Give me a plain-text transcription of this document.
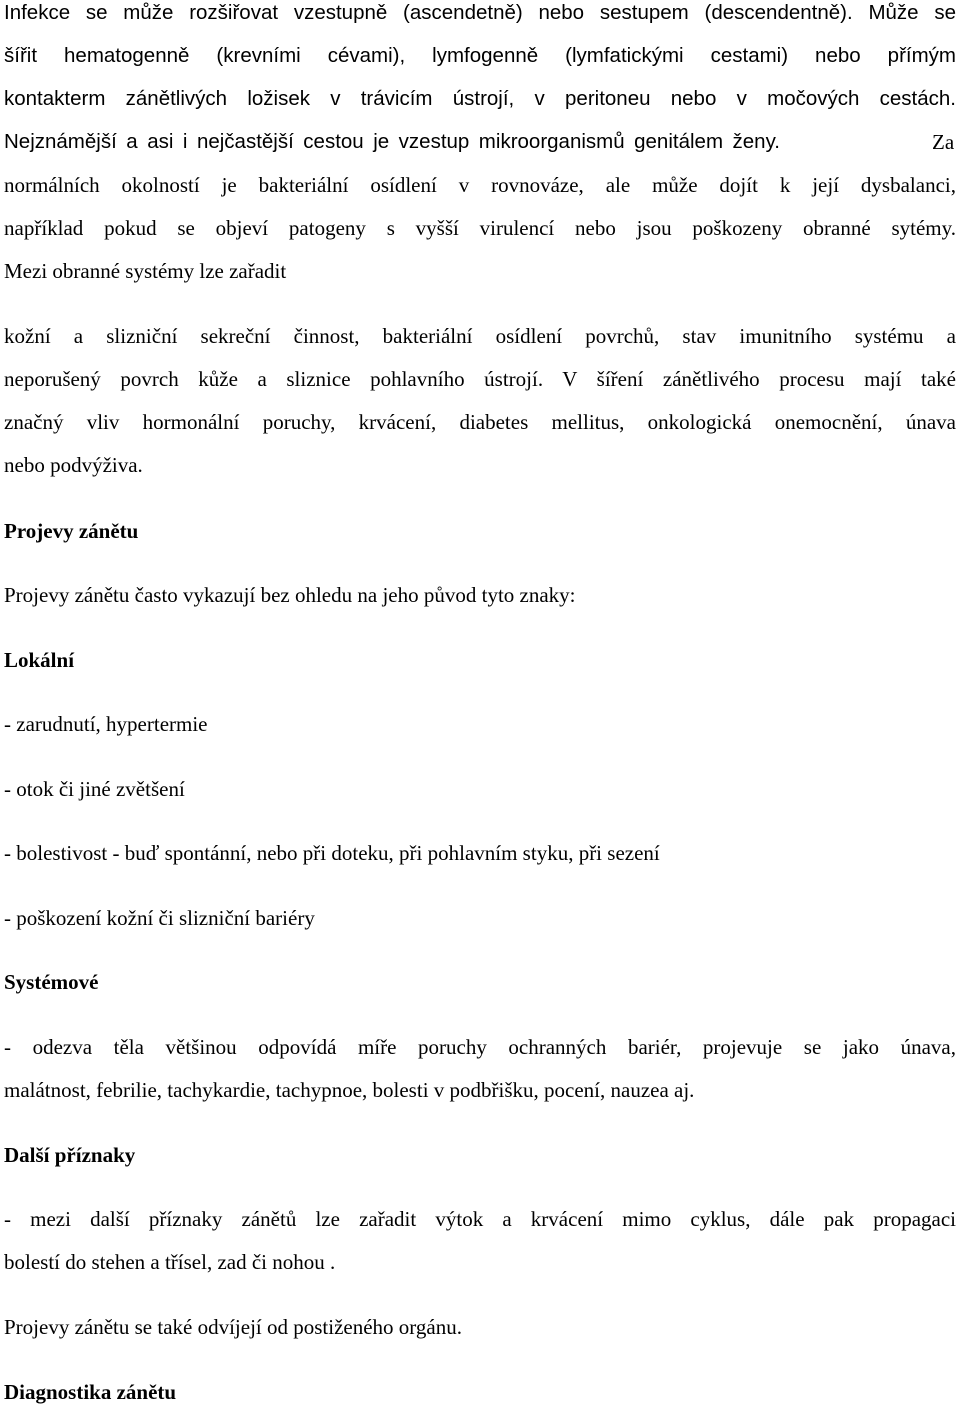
Infekce se může rozšiřovat vzestupně (ascendetně) nebo sestupem (descendentně). Může se
šířit hematogenně (krevními cévami), lymfogenně (lymfatickými cestami) nebo přímým
kontakterm zánětlivých ložisek v trávicím ústrojí, v peritoneu nebo v močových cestách.
Nejznámější a asi i nejčastější cestou je vzestup mikroorganismů genitálem ženy.	Za
normálních okolností je bakteriální osídlení v rovnováze, ale může dojít k její dysbalanci,
například pokud se objeví patogeny s vyšší virulencí nebo jsou poškozeny obranné sytémy.
Mezi obranné systémy lze zařadit
kožní a slizniční sekreční činnost, bakteriální osídlení povrchů, stav imunitního systému a
neporušený povrch kůže a sliznice pohlavního ústrojí. V šíření zánětlivého procesu mají také
značný vliv hormonální poruchy, krvácení, diabetes mellitus, onkologická onemocnění, únava
nebo podvýživa.
Projevy zánětu
Projevy zánětu často vykazují bez ohledu na jeho původ tyto znaky:
Lokální
- zarudnutí, hypertermie
- otok či jiné zvětšení
- bolestivost - buď spontánní, nebo při doteku, při pohlavním styku, při sezení
- poškození kožní či slizniční bariéry
Systémové
- odezva těla většinou odpovídá míře poruchy ochranných bariér, projevuje se jako únava,
malátnost, febrilie, tachykardie, tachypnoe, bolesti v podbřišku, pocení, nauzea aj.
Další příznaky
- mezi další příznaky zánětů lze zařadit výtok a krvácení mimo cyklus, dále pak propagaci
bolestí do stehen a třísel, zad či nohou .
Projevy zánětu se také odvíjejí od postiženého orgánu.
Diagnostika zánětu
